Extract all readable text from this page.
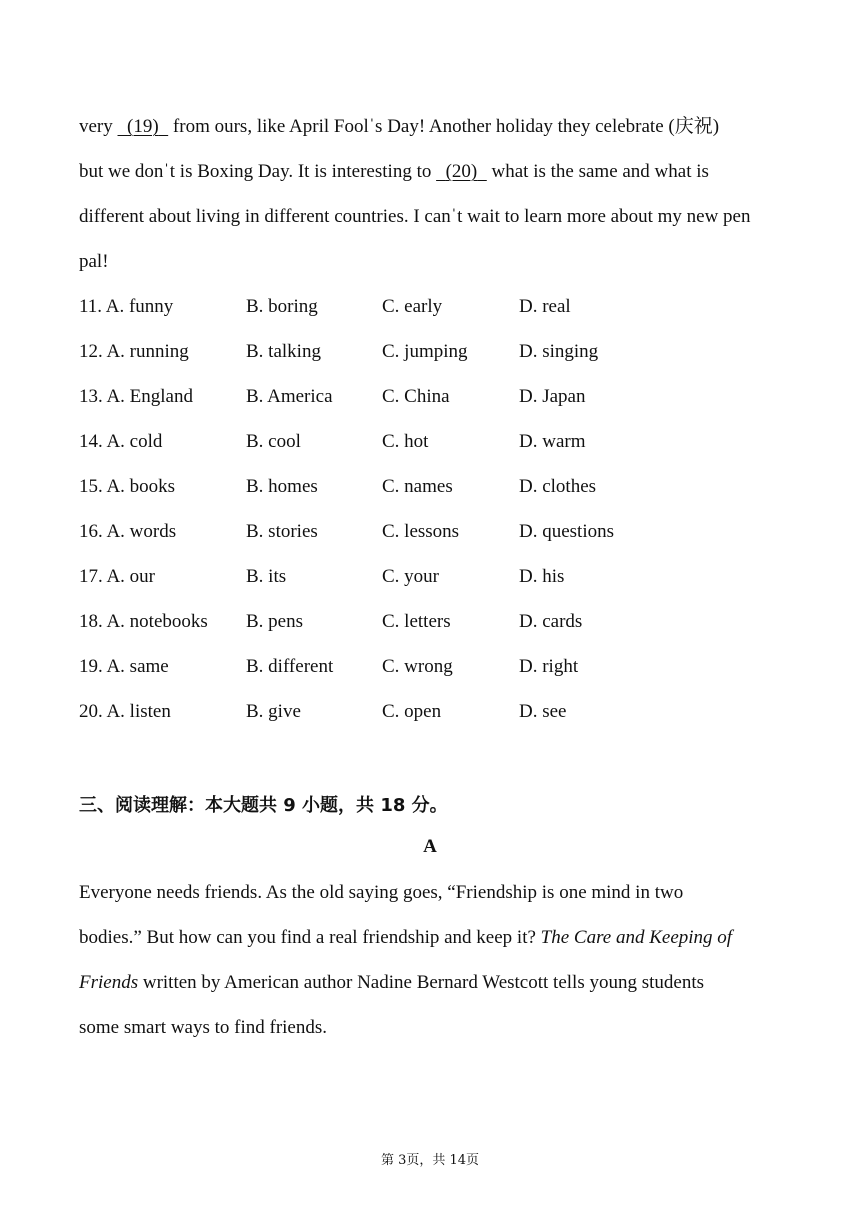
very   (19)   from ours, like April Foolˈs Day! Another holiday they celebrate (庆祝)
but we donˈt is Boxing Day. It is interesting to   (20)   what is the same and what is
different about living in different countries. I canˈt wait to learn more about my new pen
pal!
11. A. funny	B. boring	C. early	D. real
12. A. running	B. talking	C. jumping	D. singing
13. A. England	B. America	C. China	D. Japan
14. A. cold	B. cool	C. hot	D. warm
15. A. books	B. homes	C. names	D. clothes
16. A. words	B. stories	C. lessons	D. questions
17. A. our	B. its	C. your	D. his
18. A. notebooks B. pens	C. letters	D. cards
19. A. same	B. different	C. wrong	D. right
20. A. listen	B. give	C. open	D. see
三、阅读理解：本大题共 9 小题，共 18 分。
A
Everyone needs friends. As the old saying goes, “Friendship is one mind in two
bodies.” But how can you find a real friendship and keep it? The Care and Keeping of
Friends written by American author Nadine Bernard Westcott tells young students
some smart ways to find friends.
第 3页，共 14页
